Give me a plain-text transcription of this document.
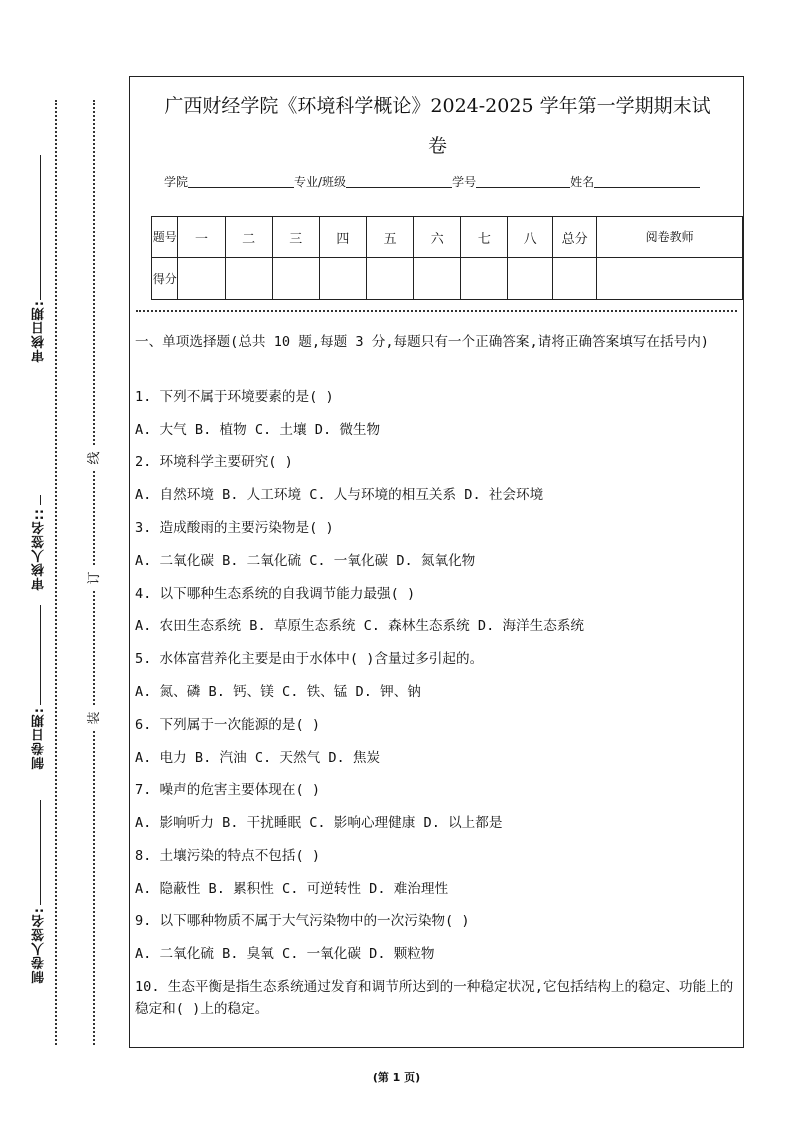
审核日期:
审核人签名::
制卷日期:
制卷人签名:
线
订
装
广西财经学院《环境科学概论》2024-2025 学年第一学期期末试
卷
学院	专业/班级	学号	姓名
题号	一	二	三	四	五	六	七	八	总分	阅卷教师
得分										
一、单项选择题(总共 10 题,每题 3 分,每题只有一个正确答案,请将正确答案填写在括号内)
1. 下列不属于环境要素的是( )
A. 大气 B. 植物 C. 土壤 D. 微生物
2. 环境科学主要研究( )
A. 自然环境 B. 人工环境 C. 人与环境的相互关系 D. 社会环境
3. 造成酸雨的主要污染物是( )
A. 二氧化碳 B. 二氧化硫 C. 一氧化碳 D. 氮氧化物
4. 以下哪种生态系统的自我调节能力最强( )
A. 农田生态系统 B. 草原生态系统 C. 森林生态系统 D. 海洋生态系统
5. 水体富营养化主要是由于水体中( )含量过多引起的。
A. 氮、磷 B. 钙、镁 C. 铁、锰 D. 钾、钠
6. 下列属于一次能源的是( )
A. 电力 B. 汽油 C. 天然气 D. 焦炭
7. 噪声的危害主要体现在( )
A. 影响听力 B. 干扰睡眠 C. 影响心理健康 D. 以上都是
8. 土壤污染的特点不包括( )
A. 隐蔽性 B. 累积性 C. 可逆转性 D. 难治理性
9. 以下哪种物质不属于大气污染物中的一次污染物( )
A. 二氧化硫 B. 臭氧 C. 一氧化碳 D. 颗粒物
10. 生态平衡是指生态系统通过发育和调节所达到的一种稳定状况,它包括结构上的稳定、功能上的稳定和( )上的稳定。
(第 1 页)
